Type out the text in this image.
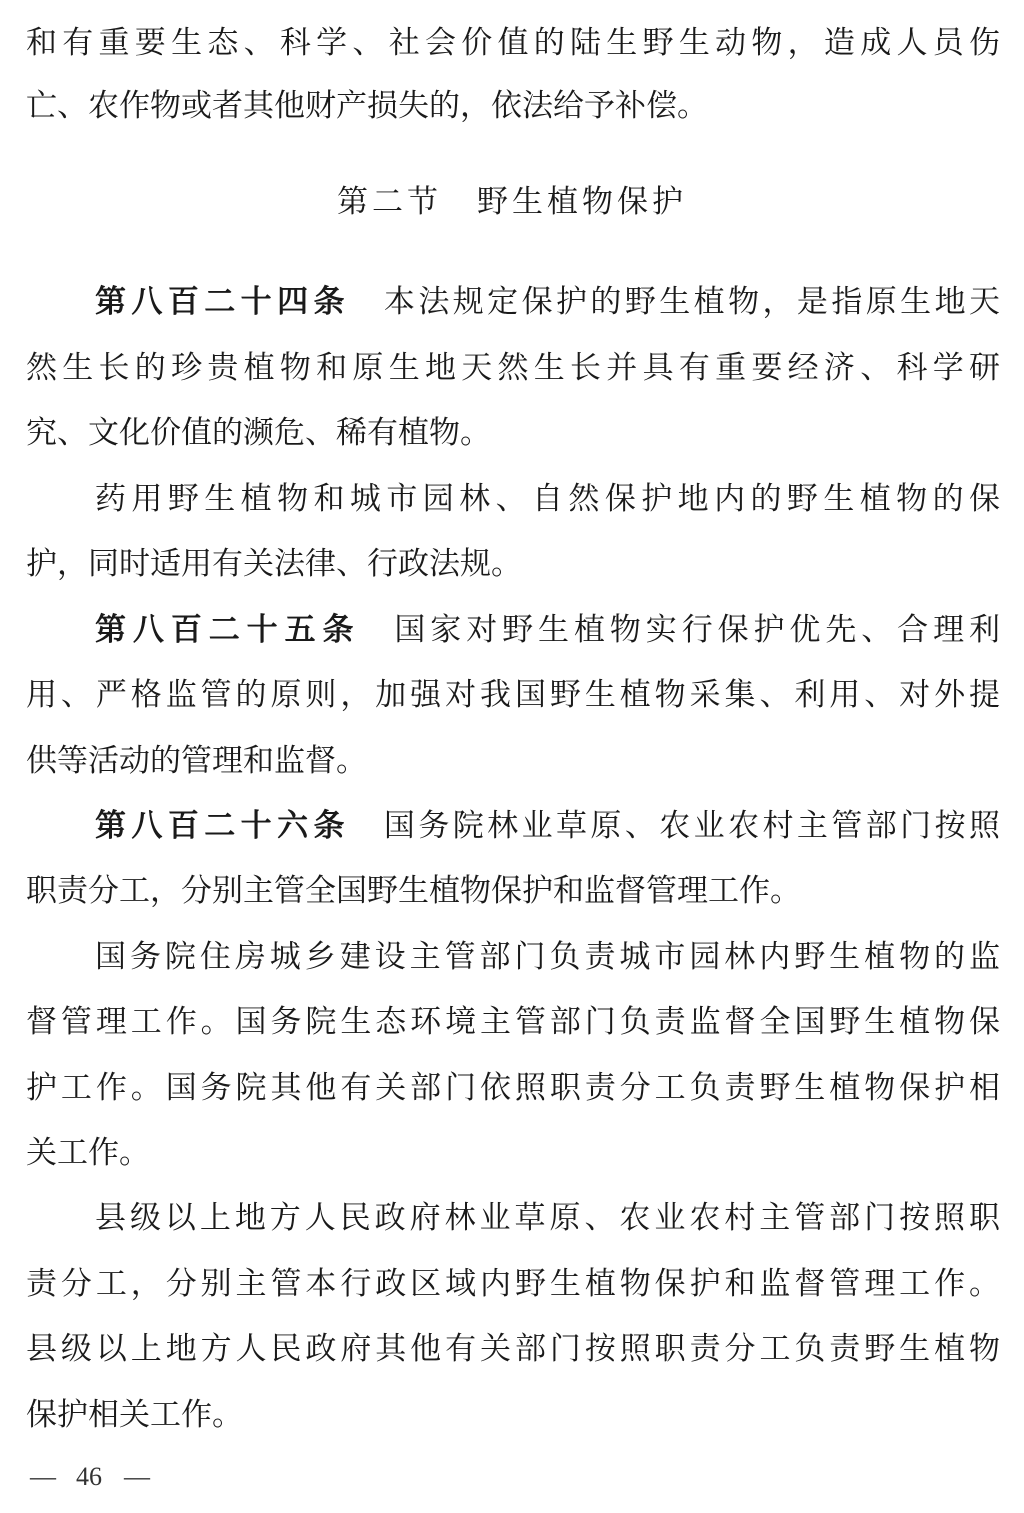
和有重要生态、科学、社会价值的陆生野生动物，造成人员伤
亡、农作物或者其他财产损失的，依法给予补偿。
第二节　野生植物保护
第八百二十四条 本法规定保护的野生植物，是指原生地天
然生长的珍贵植物和原生地天然生长并具有重要经济、科学研
究、文化价值的濒危、稀有植物。
药用野生植物和城市园林、自然保护地内的野生植物的保
护，同时适用有关法律、行政法规。
第八百二十五条 国家对野生植物实行保护优先、合理利
用、严格监管的原则，加强对我国野生植物采集、利用、对外提
供等活动的管理和监督。
第八百二十六条 国务院林业草原、农业农村主管部门按照
职责分工，分别主管全国野生植物保护和监督管理工作。
国务院住房城乡建设主管部门负责城市园林内野生植物的监
督管理工作。国务院生态环境主管部门负责监督全国野生植物保
护工作。国务院其他有关部门依照职责分工负责野生植物保护相
关工作。
县级以上地方人民政府林业草原、农业农村主管部门按照职
责分工，分别主管本行政区域内野生植物保护和监督管理工作。
县级以上地方人民政府其他有关部门按照职责分工负责野生植物
保护相关工作。
— 46 —
